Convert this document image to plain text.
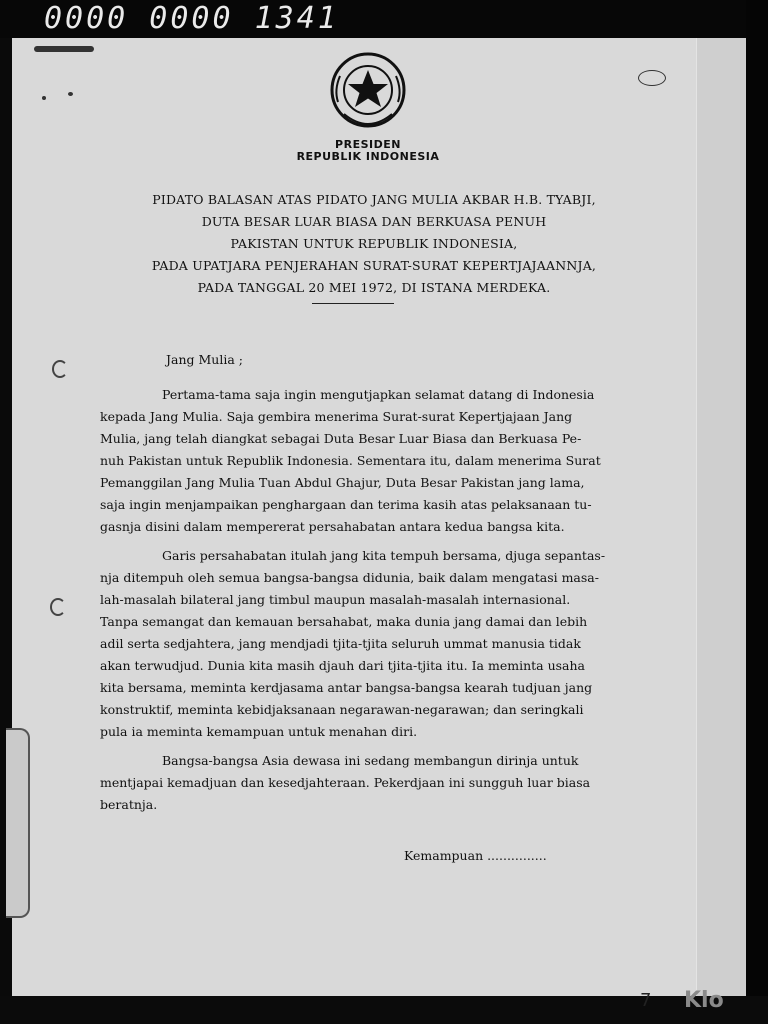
0000 0000 1341
PRESIDEN
REPUBLIK INDONESIA
PIDATO BALASAN ATAS PIDATO JANG MULIA AKBAR H.B. TYABJI,
DUTA BESAR LUAR BIASA DAN BERKUASA PENUH
PAKISTAN UNTUK REPUBLIK INDONESIA,
PADA UPATJARA PENJERAHAN SURAT-SURAT KEPERTJAJAANNJA,
PADA TANGGAL 20 MEI 1972, DI ISTANA MERDEKA.
Jang Mulia ;
Pertama-tama saja ingin mengutjapkan selamat datang di Indonesia
kepada Jang Mulia. Saja gembira menerima Surat-surat Kepertjajaan Jang
Mulia, jang telah diangkat sebagai Duta Besar Luar Biasa dan Berkuasa Pe-
nuh Pakistan untuk Republik Indonesia. Sementara itu, dalam menerima Surat
Pemanggilan Jang Mulia Tuan Abdul Ghajur, Duta Besar Pakistan jang lama,
saja ingin menjampaikan penghargaan dan terima kasih atas pelaksanaan tu-
gasnja disini dalam mempererat persahabatan antara kedua bangsa kita.
Garis persahabatan itulah jang kita tempuh bersama, djuga sepantas-
nja ditempuh oleh semua bangsa-bangsa didunia, baik dalam mengatasi masa-
lah-masalah bilateral jang timbul maupun masalah-masalah internasional.
Tanpa semangat dan kemauan bersahabat, maka dunia jang damai dan lebih
adil serta sedjahtera, jang mendjadi tjita-tjita seluruh ummat manusia tidak
akan terwudjud. Dunia kita masih djauh dari tjita-tjita itu. Ia meminta usaha
kita bersama, meminta kerdjasama antar bangsa-bangsa kearah tudjuan jang
konstruktif, meminta kebidjaksanaan negarawan-negarawan; dan seringkali
pula ia meminta kemampuan untuk menahan diri.
Bangsa-bangsa Asia dewasa ini sedang membangun dirinja untuk
mentjapai kemadjuan dan kesedjahteraan. Pekerdjaan ini sungguh luar biasa
beratnja.
Kemampuan ...............
7 Klo
